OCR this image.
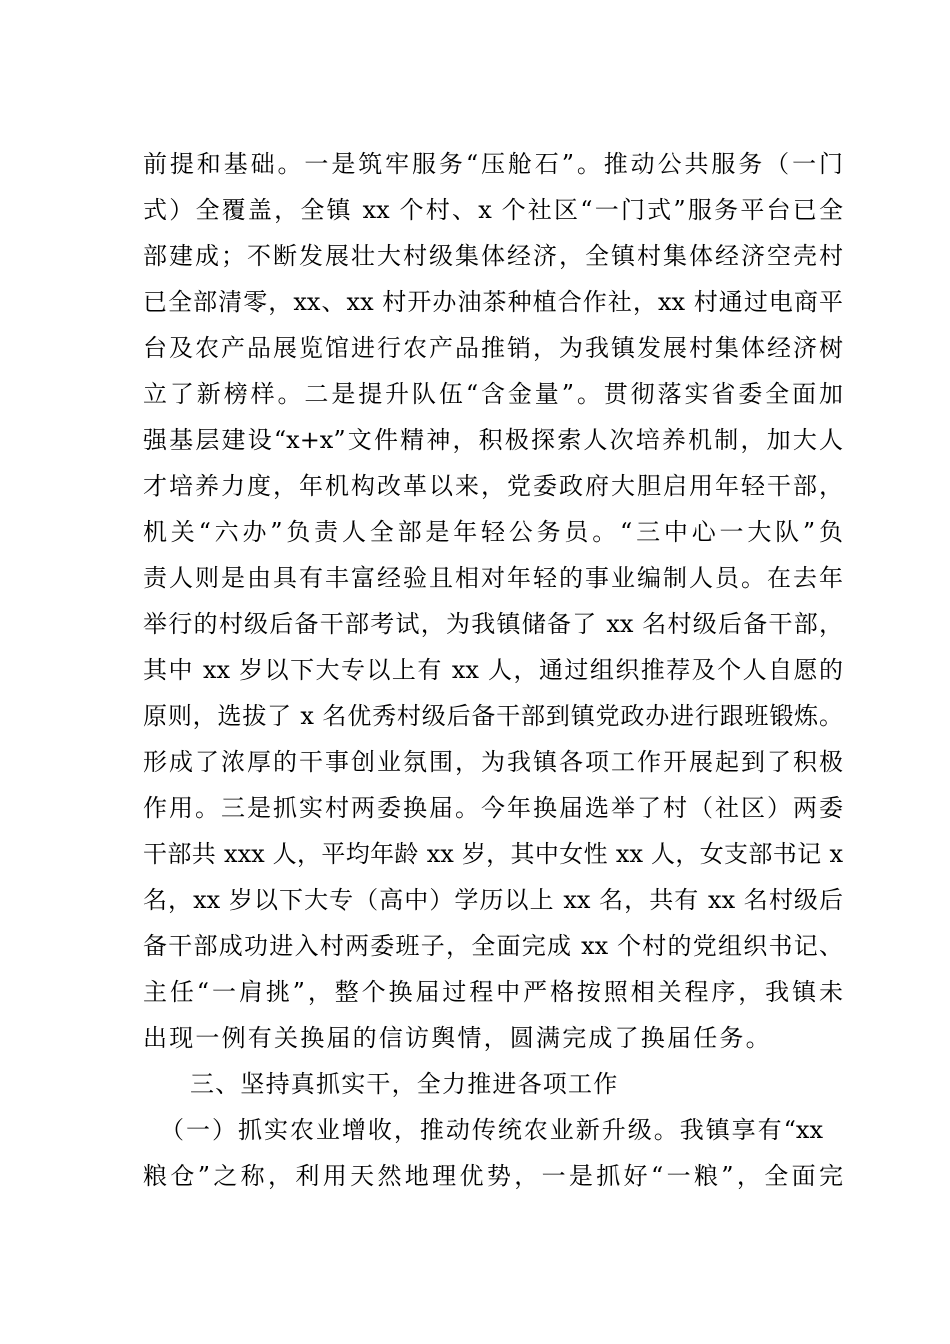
前提和基础。一是筑牢服务“压舱石”。推动公共服务（一门
式）全覆盖，全镇 xx 个村、x 个社区“一门式”服务平台已全
部建成；不断发展壮大村级集体经济，全镇村集体经济空壳村
已全部清零，xx、xx 村开办油茶种植合作社，xx 村通过电商平
台及农产品展览馆进行农产品推销，为我镇发展村集体经济树
立了新榜样。二是提升队伍“含金量”。贯彻落实省委全面加
强基层建设“x+x”文件精神，积极探索人次培养机制，加大人
才培养力度，年机构改革以来，党委政府大胆启用年轻干部，
机关“六办”负责人全部是年轻公务员。“三中心一大队”负
责人则是由具有丰富经验且相对年轻的事业编制人员。在去年
举行的村级后备干部考试，为我镇储备了 xx 名村级后备干部，
其中 xx 岁以下大专以上有 xx 人，通过组织推荐及个人自愿的
原则，选拔了 x 名优秀村级后备干部到镇党政办进行跟班锻炼。
形成了浓厚的干事创业氛围，为我镇各项工作开展起到了积极
作用。三是抓实村两委换届。今年换届选举了村（社区）两委
干部共 xxx 人，平均年龄 xx 岁，其中女性 xx 人，女支部书记 x
名，xx 岁以下大专（高中）学历以上 xx 名，共有 xx 名村级后
备干部成功进入村两委班子，全面完成 xx 个村的党组织书记、
主任“一肩挑”，整个换届过程中严格按照相关程序，我镇未
出现一例有关换届的信访舆情，圆满完成了换届任务。
三、坚持真抓实干，全力推进各项工作
（一）抓实农业增收，推动传统农业新升级。我镇享有“xx
粮仓”之称，利用天然地理优势，一是抓好“一粮”，全面完
